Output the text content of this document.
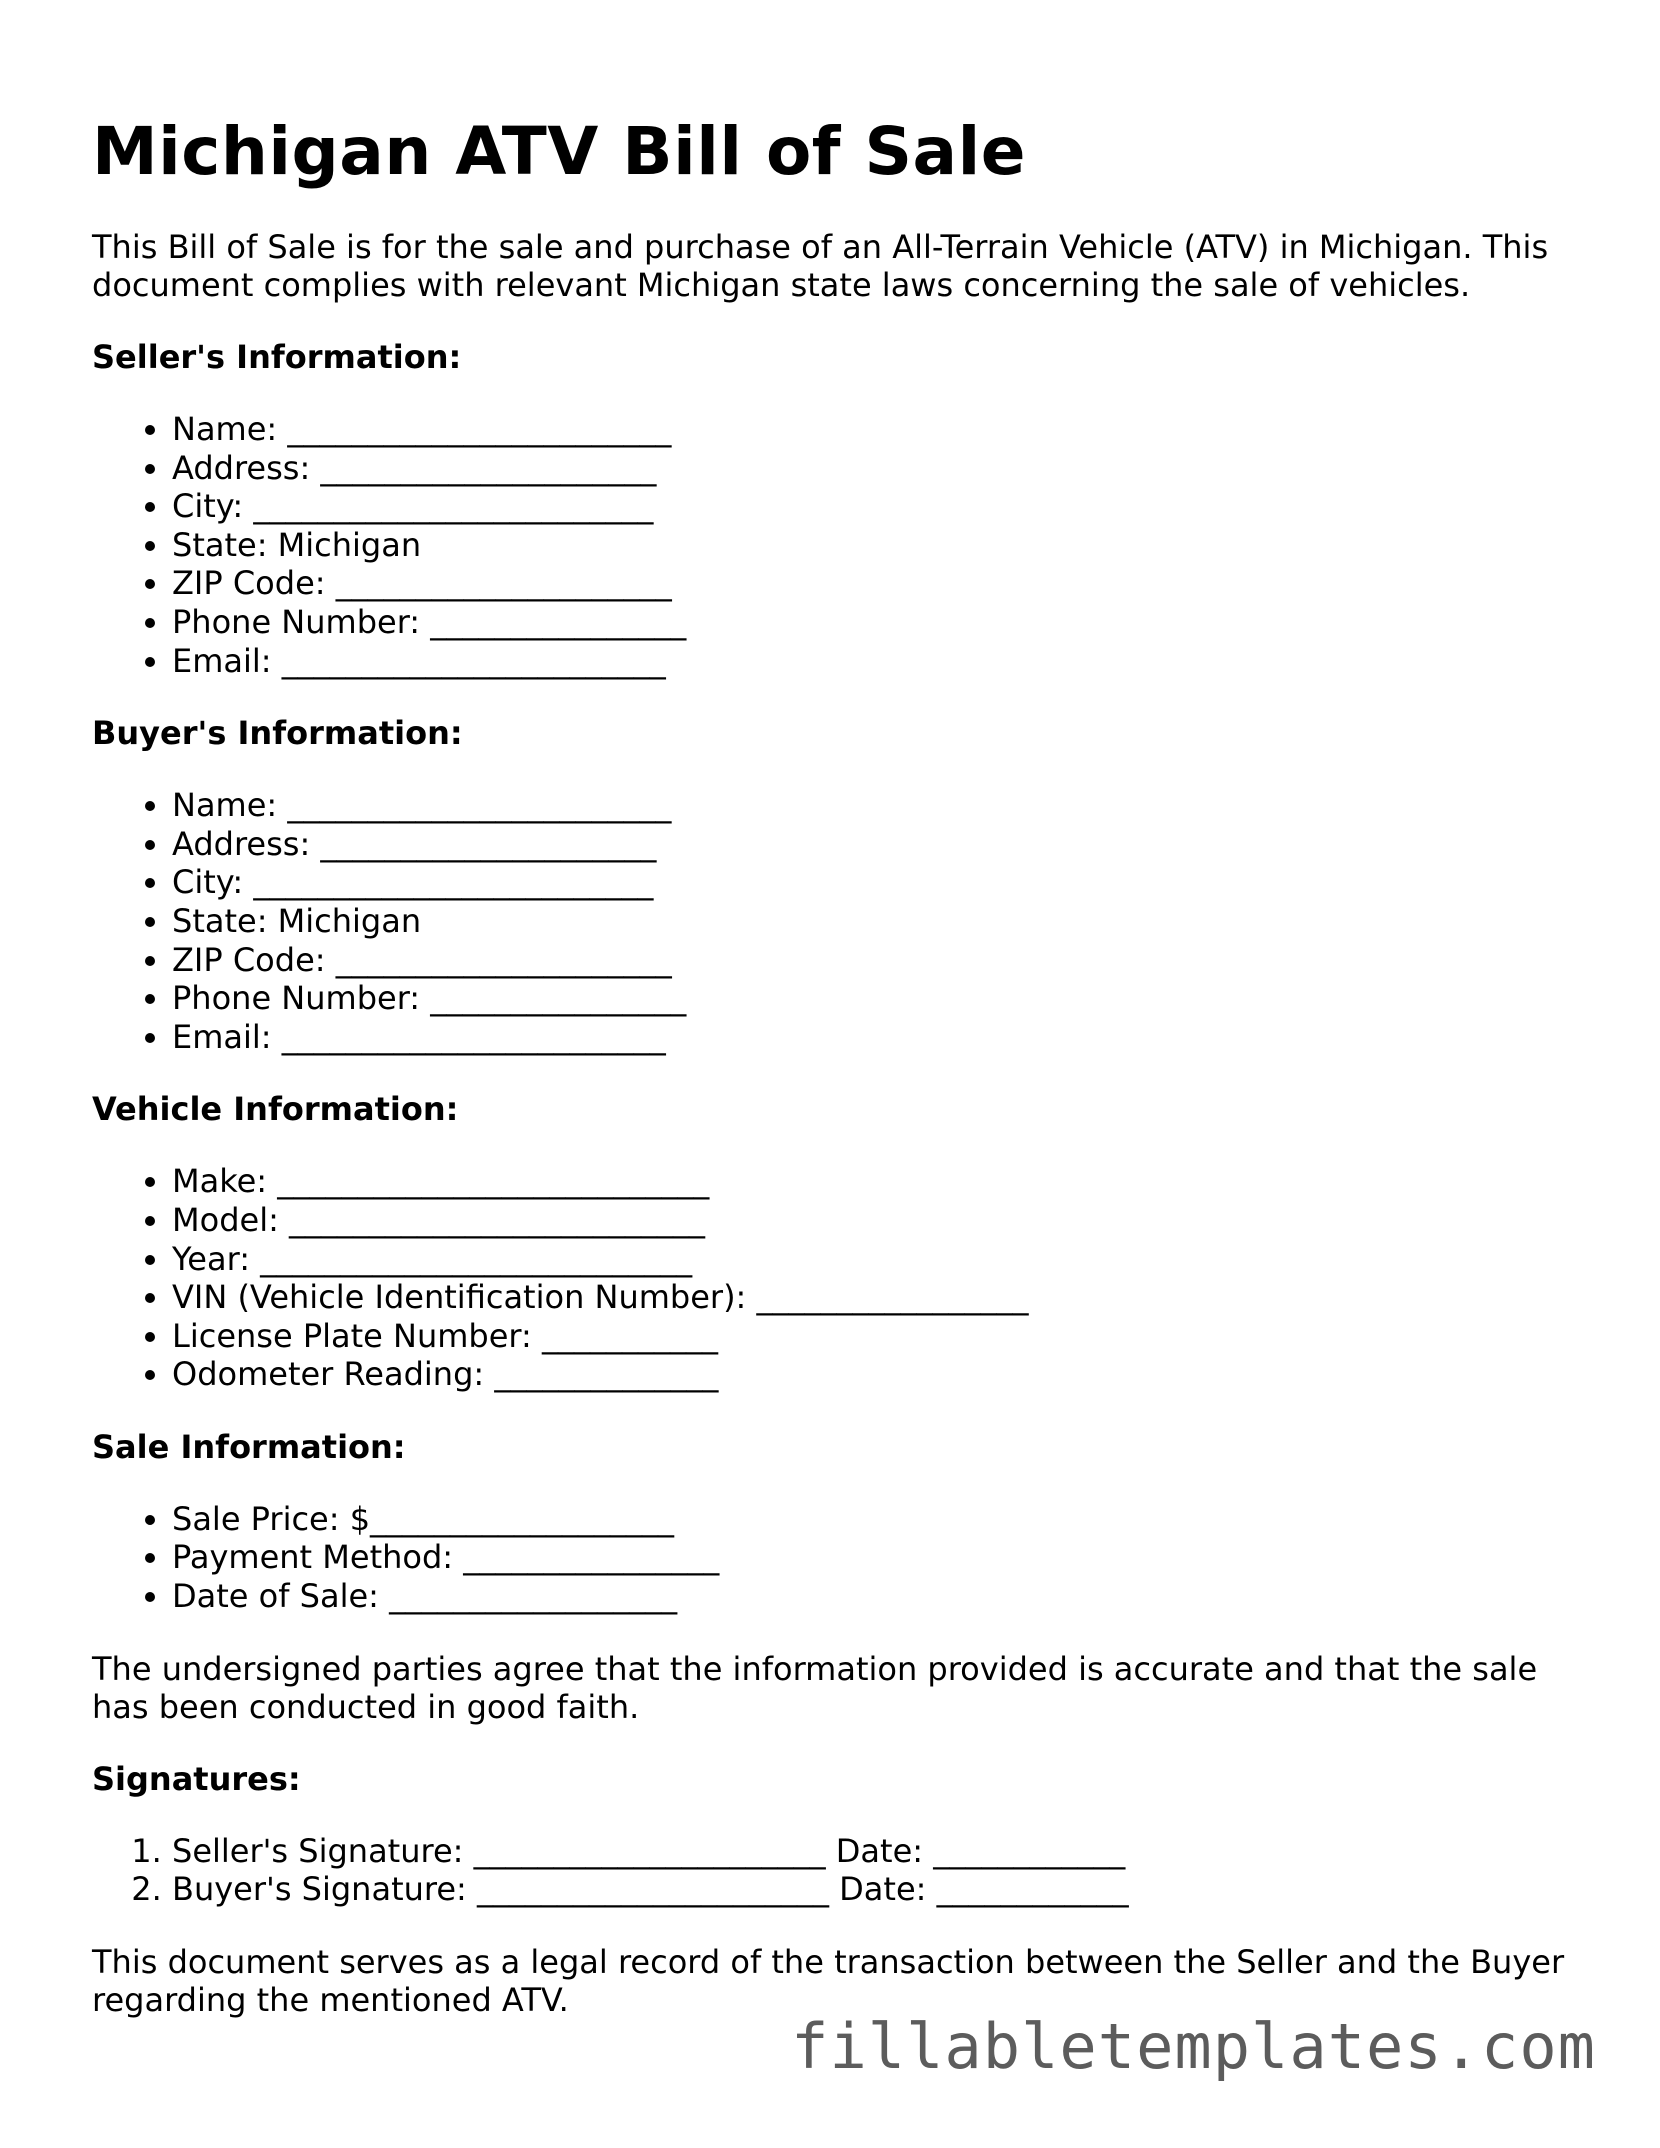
Michigan ATV Bill of Sale

This Bill of Sale is for the sale and purchase of an All-Terrain Vehicle (ATV) in Michigan. This document complies with relevant Michigan state laws concerning the sale of vehicles.

Seller's Information:
• Name: ________________________
• Address: _____________________
• City: _________________________
• State: Michigan
• ZIP Code: _____________________
• Phone Number: ________________
• Email: ________________________
Buyer's Information:
• Name: ________________________
• Address: _____________________
• City: _________________________
• State: Michigan
• ZIP Code: _____________________
• Phone Number: ________________
• Email: ________________________
Vehicle Information:
• Make: ___________________________
• Model: __________________________
• Year: ___________________________
• VIN (Vehicle Identification Number): _________________
• License Plate Number: ___________
• Odometer Reading: ______________
Sale Information:
• Sale Price: $___________________
• Payment Method: ________________
• Date of Sale: __________________

The undersigned parties agree that the information provided is accurate and that the sale has been conducted in good faith.

Signatures:
1. Seller's Signature: ______________________ Date: ____________
2. Buyer's Signature: ______________________ Date: ____________

This document serves as a legal record of the transaction between the Seller and the Buyer regarding the mentioned ATV.

fillabletemplates.com
